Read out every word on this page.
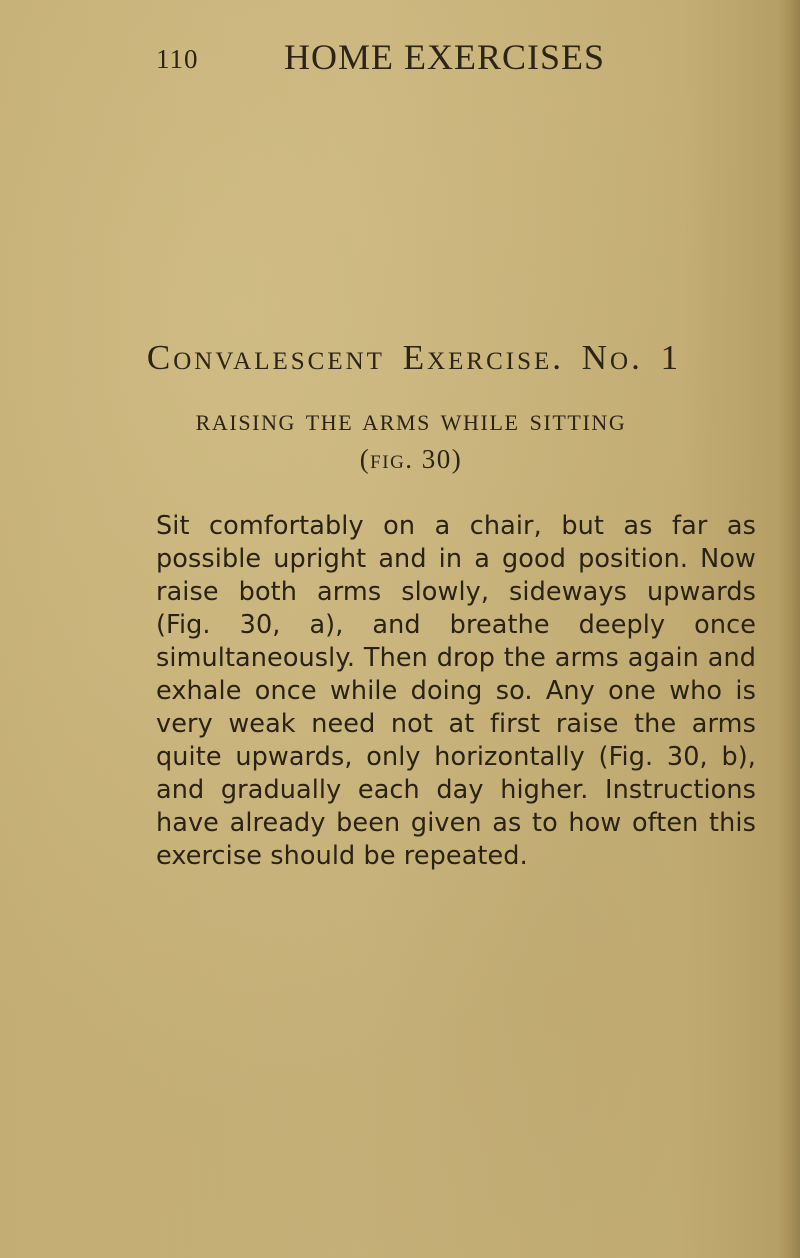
110 HOME EXERCISES
Convalescent Exercise. No. 1
RAISING THE ARMS WHILE SITTING
(fig. 30)

Sit comfortably on a chair, but as far as possible upright and in a good position. Now raise both arms slowly, sideways upwards (Fig. 30, a), and breathe deeply once simultaneously. Then drop the arms again and exhale once while doing so. Any one who is very weak need not at first raise the arms quite upwards, only horizontally (Fig. 30, b), and gradually each day higher. Instructions have already been given as to how often this exercise should be repeated.
